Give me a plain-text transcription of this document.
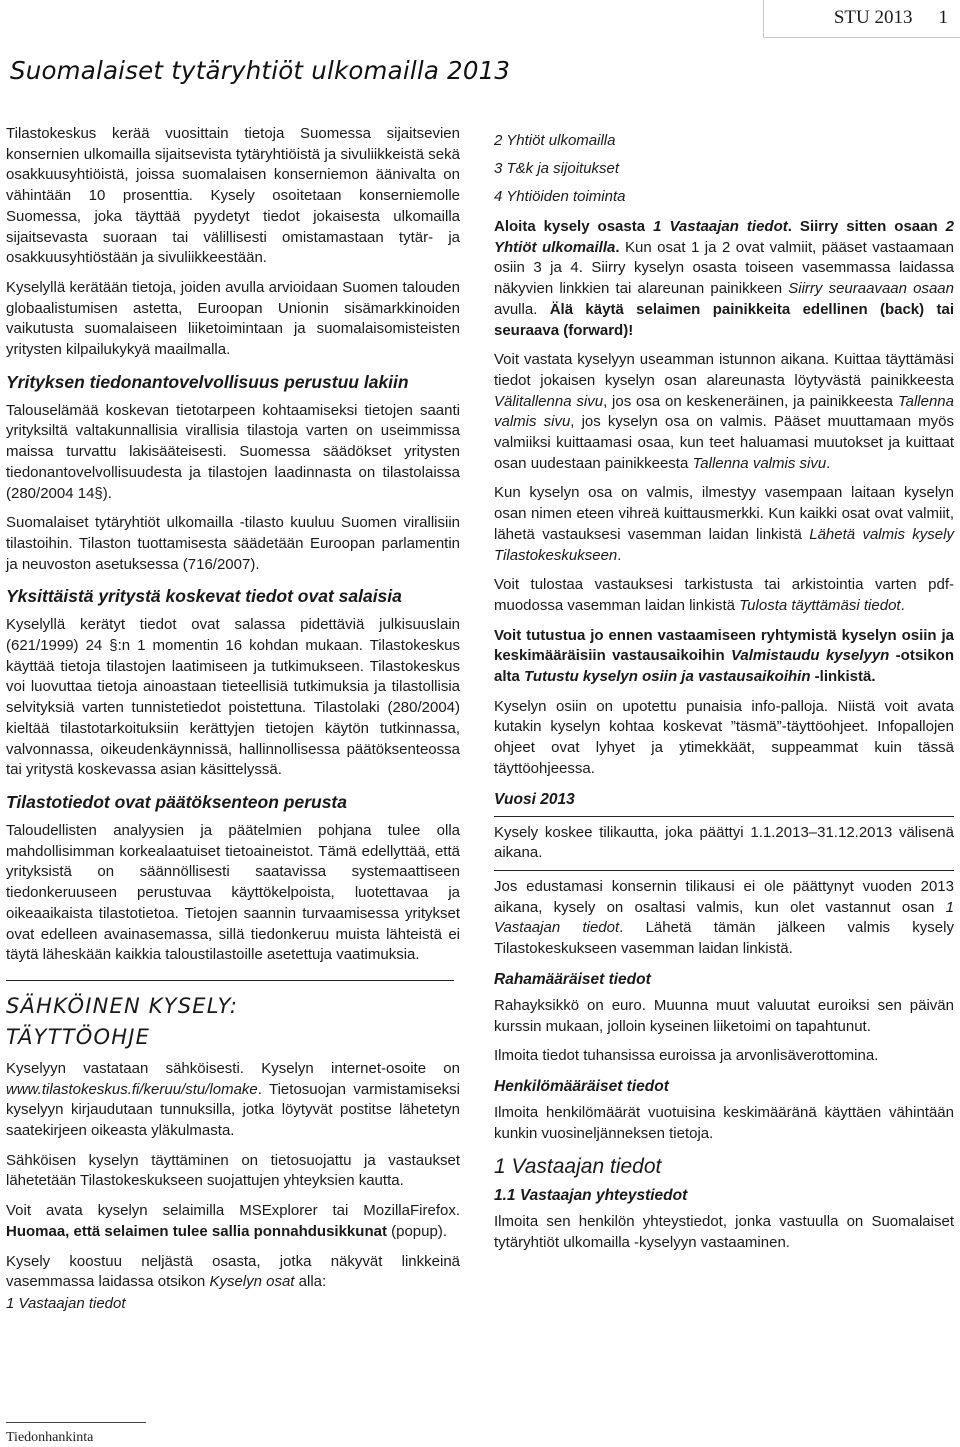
STU 2013 1
Suomalaiset tytäryhtiöt ulkomailla 2013

Tilastokeskus kerää vuosittain tietoja Suomessa sijaitsevien konsernien ulkomailla sijaitsevista tytäryhtiöistä ja sivuliikkeistä sekä osakkuusyhtiöistä, joissa suomalaisen konserniemon äänivalta on vähintään 10 prosenttia. Kysely osoitetaan konserniemolle Suomessa, joka täyttää pyydetyt tiedot jokaisesta ulkomailla sijaitsevasta suoraan tai välillisesti omistamastaan tytär- ja osakkuusyhtiöstään ja sivuliikkeestään.

Kyselyllä kerätään tietoja, joiden avulla arvioidaan Suomen talouden globaalistumisen astetta, Euroopan Unionin sisämarkkinoiden vaikutusta suomalaiseen liiketoimintaan ja suomalaisomisteisten yritysten kilpailukykyä maailmalla.

Yrityksen tiedonantovelvollisuus perustuu lakiin

Talouselämää koskevan tietotarpeen kohtaamiseksi tietojen saanti yrityksiltä valtakunnallisia virallisia tilastoja varten on useimmissa maissa turvattu lakisääteisesti. Suomessa säädökset yritysten tiedonantovelvollisuudesta ja tilastojen laadinnasta on tilastolaissa (280/2004 14§).

Suomalaiset tytäryhtiöt ulkomailla -tilasto kuuluu Suomen virallisiin tilastoihin. Tilaston tuottamisesta säädetään Euroopan parlamentin ja neuvoston asetuksessa (716/2007).

Yksittäistä yritystä koskevat tiedot ovat salaisia

Kyselyllä kerätyt tiedot ovat salassa pidettäviä julkisuuslain (621/1999) 24 §:n 1 momentin 16 kohdan mukaan. Tilastokeskus käyttää tietoja tilastojen laatimiseen ja tutkimukseen. Tilastokeskus voi luovuttaa tietoja ainoastaan tieteellisiä tutkimuksia ja tilastollisia selvityksiä varten tunnistetiedot poistettuna. Tilastolaki (280/2004) kieltää tilastotarkoituksiin kerättyjen tietojen käytön tutkinnassa, valvonnassa, oikeudenkäynnissä, hallinnollisessa päätöksenteossa tai yritystä koskevassa asian käsittelyssä.

Tilastotiedot ovat päätöksenteon perusta

Taloudellisten analyysien ja päätelmien pohjana tulee olla mahdollisimman korkealaatuiset tietoaineistot. Tämä edellyttää, että yrityksistä on säännöllisesti saatavissa systemaattiseen tiedonkeruuseen perustuvaa käyttökelpoista, luotettavaa ja oikeaaikaista tilastotietoa. Tietojen saannin turvaamisessa yritykset ovat edelleen avainasemassa, sillä tiedonkeruu muista lähteistä ei täytä läheskään kaikkia taloustilastoille asetettuja vaatimuksia.

SÄHKÖINEN KYSELY: TÄYTTÖOHJE

Kyselyyn vastataan sähköisesti. Kyselyn internet-osoite on www.tilastokeskus.fi/keruu/stu/lomake. Tietosuojan varmistamiseksi kyselyyn kirjaudutaan tunnuksilla, jotka löytyvät postitse lähetetyn saatekirjeen oikeasta yläkulmasta.

Sähköisen kyselyn täyttäminen on tietosuojattu ja vastaukset lähetetään Tilastokeskukseen suojattujen yhteyksien kautta.

Voit avata kyselyn selaimilla MSExplorer tai MozillaFirefox. Huomaa, että selaimen tulee sallia ponnahdusikkunat (popup).

Kysely koostuu neljästä osasta, jotka näkyvät linkkeinä vasemmassa laidassa otsikon Kyselyn osat alla:

1 Vastaajan tiedot

2 Yhtiöt ulkomailla

3 T&k ja sijoitukset

4 Yhtiöiden toiminta

Aloita kysely osasta 1 Vastaajan tiedot. Siirry sitten osaan 2 Yhtiöt ulkomailla. Kun osat 1 ja 2 ovat valmiit, pääset vastaamaan osiin 3 ja 4. Siirry kyselyn osasta toiseen vasemmassa laidassa näkyvien linkkien tai alareunan painikkeen Siirry seuraavaan osaan avulla. Älä käytä selaimen painikkeita edellinen (back) tai seuraava (forward)!

Voit vastata kyselyyn useamman istunnon aikana. Kuittaa täyttämäsi tiedot jokaisen kyselyn osan alareunasta löytyvästä painikkeesta Välitallenna sivu, jos osa on keskeneräinen, ja painikkeesta Tallenna valmis sivu, jos kyselyn osa on valmis. Pääset muuttamaan myös valmiiksi kuittaamasi osaa, kun teet haluamasi muutokset ja kuittaat osan uudestaan painikkeesta Tallenna valmis sivu.

Kun kyselyn osa on valmis, ilmestyy vasempaan laitaan kyselyn osan nimen eteen vihreä kuittausmerkki. Kun kaikki osat ovat valmiit, lähetä vastauksesi vasemman laidan linkistä Lähetä valmis kysely Tilastokeskukseen.

Voit tulostaa vastauksesi tarkistusta tai arkistointia varten pdf-muodossa vasemman laidan linkistä Tulosta täyttämäsi tiedot.

Voit tutustua jo ennen vastaamiseen ryhtymistä kyselyn osiin ja keskimääräisiin vastausaikoihin Valmistaudu kyselyyn -otsikon alta Tutustu kyselyn osiin ja vastausaikoihin -linkistä.

Kyselyn osiin on upotettu punaisia info-palloja. Niistä voit avata kutakin kyselyn kohtaa koskevat ”täsmä”-täyttöohjeet. Infopallojen ohjeet ovat lyhyet ja ytimekkäät, suppeammat kuin tässä täyttöohjeessa.

Vuosi 2013

Kysely koskee tilikautta, joka päättyi 1.1.2013–31.12.2013 välisenä aikana.

Jos edustamasi konsernin tilikausi ei ole päättynyt vuoden 2013 aikana, kysely on osaltasi valmis, kun olet vastannut osan 1 Vastaajan tiedot. Lähetä tämän jälkeen valmis kysely Tilastokeskukseen vasemman laidan linkistä.

Rahamääräiset tiedot

Rahayksikkö on euro. Muunna muut valuutat euroiksi sen päivän kurssin mukaan, jolloin kyseinen liiketoimi on tapahtunut.

Ilmoita tiedot tuhansissa euroissa ja arvonlisäverottomina.

Henkilömääräiset tiedot

Ilmoita henkilömäärät vuotuisina keskimääränä käyttäen vähintään kunkin vuosineljänneksen tietoja.

1 Vastaajan tiedot
1.1 Vastaajan yhteystiedot

Ilmoita sen henkilön yhteystiedot, jonka vastuulla on Suomalaiset tytäryhtiöt ulkomailla -kyselyyn vastaaminen.

Tiedonhankinta
